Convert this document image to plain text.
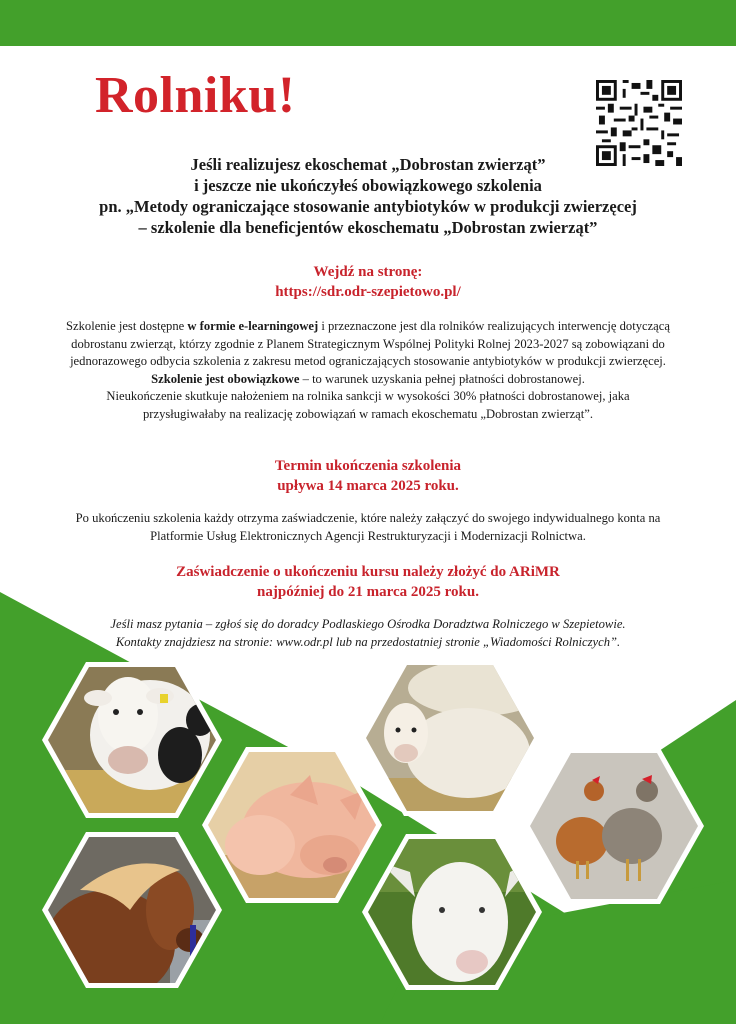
Rolniku!
Jeśli realizujesz ekoschemat „Dobrostan zwierząt”
i jeszcze nie ukończyłeś obowiązkowego szkolenia
pn. „Metody ograniczające stosowanie antybiotyków w produkcji zwierzęcej
– szkolenie dla beneficjentów ekoschematu „Dobrostan zwierząt”
Wejdź na stronę:
https://sdr.odr-szepietowo.pl/
Szkolenie jest dostępne w formie e-learningowej i przeznaczone jest dla rolników realizujących interwencję dotyczącą dobrostanu zwierząt, którzy zgodnie z Planem Strategicznym Wspólnej Polityki Rolnej 2023-2027 są zobowiązani do jednorazowego odbycia szkolenia z zakresu metod ograniczających stosowanie antybiotyków w produkcji zwierzęcej.
Szkolenie jest obowiązkowe – to warunek uzyskania pełnej płatności dobrostanowej.
Nieukończenie skutkuje nałożeniem na rolnika sankcji w wysokości 30% płatności dobrostanowej, jaka przysługiwałaby na realizację zobowiązań w ramach ekoschematu „Dobrostan zwierząt”.
Termin ukończenia szkolenia
upływa 14 marca 2025 roku.
Po ukończeniu szkolenia każdy otrzyma zaświadczenie, które należy załączyć do swojego indywidualnego konta na Platformie Usług Elektronicznych Agencji Restrukturyzacji i Modernizacji Rolnictwa.
Zaświadczenie o ukończeniu kursu należy złożyć do ARiMR
najpóźniej do 21 marca 2025 roku.
Jeśli masz pytania – zgłoś się do doradcy Podlaskiego Ośrodka Doradztwa Rolniczego w Szepietowie.
Kontakty znajdziesz na stronie: www.odr.pl lub na przedostatniej stronie „Wiadomości Rolniczych”.
